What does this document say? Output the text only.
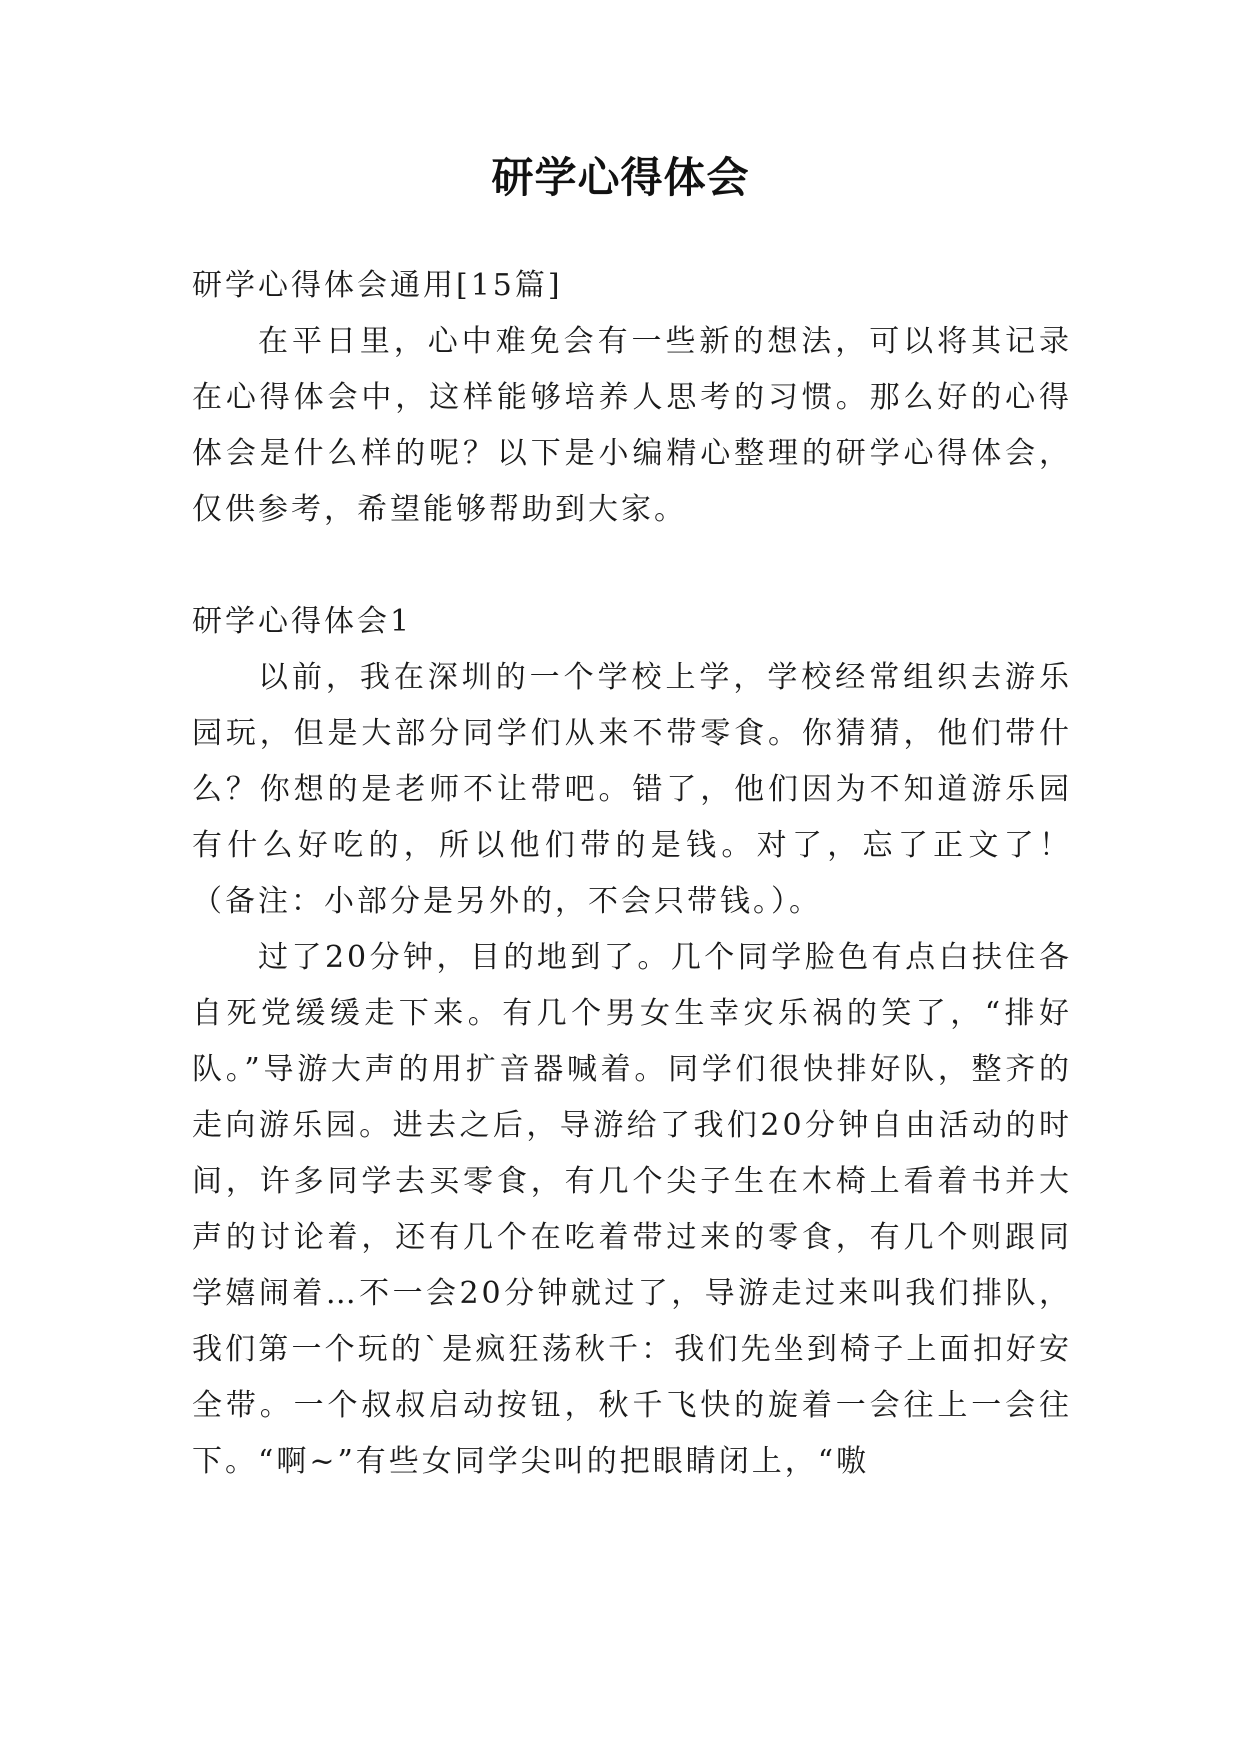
研学心得体会

研学心得体会通用[15篇]

在平日里，心中难免会有一些新的想法，可以将其记录在心得体会中，这样能够培养人思考的习惯。那么好的心得体会是什么样的呢？以下是小编精心整理的研学心得体会，仅供参考，希望能够帮助到大家。

研学心得体会1

以前，我在深圳的一个学校上学，学校经常组织去游乐园玩，但是大部分同学们从来不带零食。你猜猜，他们带什么？你想的是老师不让带吧。错了，他们因为不知道游乐园有什么好吃的，所以他们带的是钱。对了，忘了正文了！（备注：小部分是另外的，不会只带钱。）。

过了20分钟，目的地到了。几个同学脸色有点白扶住各自死党缓缓走下来。有几个男女生幸灾乐祸的笑了，“排好队。”导游大声的用扩音器喊着。同学们很快排好队，整齐的走向游乐园。进去之后，导游给了我们20分钟自由活动的时间，许多同学去买零食，有几个尖子生在木椅上看着书并大声的讨论着，还有几个在吃着带过来的零食，有几个则跟同学嬉闹着…不一会20分钟就过了，导游走过来叫我们排队，我们第一个玩的`是疯狂荡秋千：我们先坐到椅子上面扣好安全带。一个叔叔启动按钮，秋千飞快的旋着一会往上一会往下。“啊~”有些女同学尖叫的把眼睛闭上，“嗷
